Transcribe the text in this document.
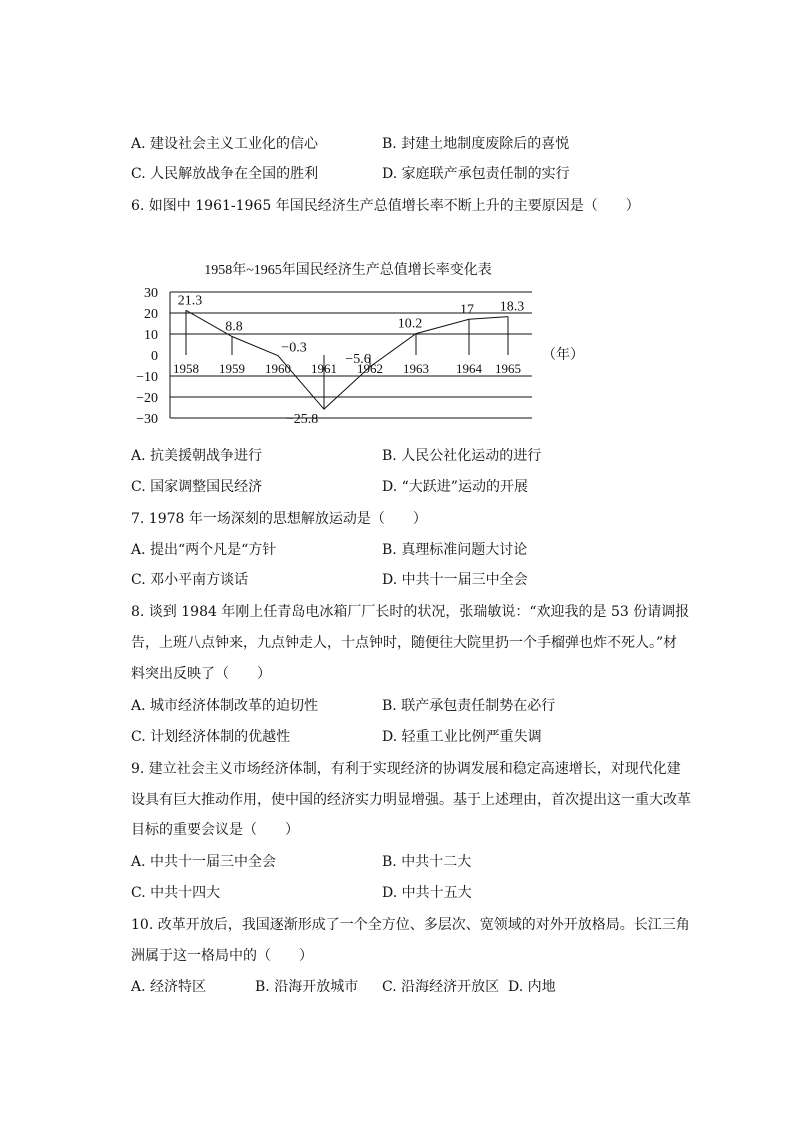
A. 建设社会主义工业化的信心	B. 封建土地制度废除后的喜悦
C. 人民解放战争在全国的胜利	D. 家庭联产承包责任制的实行
6. 如图中 1961-1965 年国民经济生产总值增长率不断上升的主要原因是（　　）
1958年~1965年国民经济生产总值增长率变化表
30
20
10
0
−10
−20
−30
1958 1959 1960 1961 1962 1963 1964 1965
21.3
8.8
−0.3
−25.8
−5.6
10.2
17 18.3
（年）
A. 抗美援朝战争进行	B. 人民公社化运动的进行
C. 国家调整国民经济	D. “大跃进”运动的开展
7. 1978 年一场深刻的思想解放运动是（　　）
A. 提出“两个凡是“方针	B. 真理标准问题大讨论
C. 邓小平南方谈话	D. 中共十一届三中全会
8. 谈到 1984 年刚上任青岛电冰箱厂厂长时的状况，张瑞敏说：“欢迎我的是 53 份请调报
告，上班八点钟来，九点钟走人，十点钟时，随便往大院里扔一个手榴弹也炸不死人。”材
料突出反映了（　　）
A. 城市经济体制改革的迫切性	B. 联产承包责任制势在必行
C. 计划经济体制的优越性	D. 轻重工业比例严重失调
9. 建立社会主义市场经济体制，有利于实现经济的协调发展和稳定高速增长，对现代化建
设具有巨大推动作用，使中国的经济实力明显增强。基于上述理由，首次提出这一重大改革
目标的重要会议是（　　）
A. 中共十一届三中全会	B. 中共十二大
C. 中共十四大	D. 中共十五大
10. 改革开放后，我国逐渐形成了一个全方位、多层次、宽领域的对外开放格局。长江三角
洲属于这一格局中的（　　）
A. 经济特区	B. 沿海开放城市 C. 沿海经济开放区 D. 内地
